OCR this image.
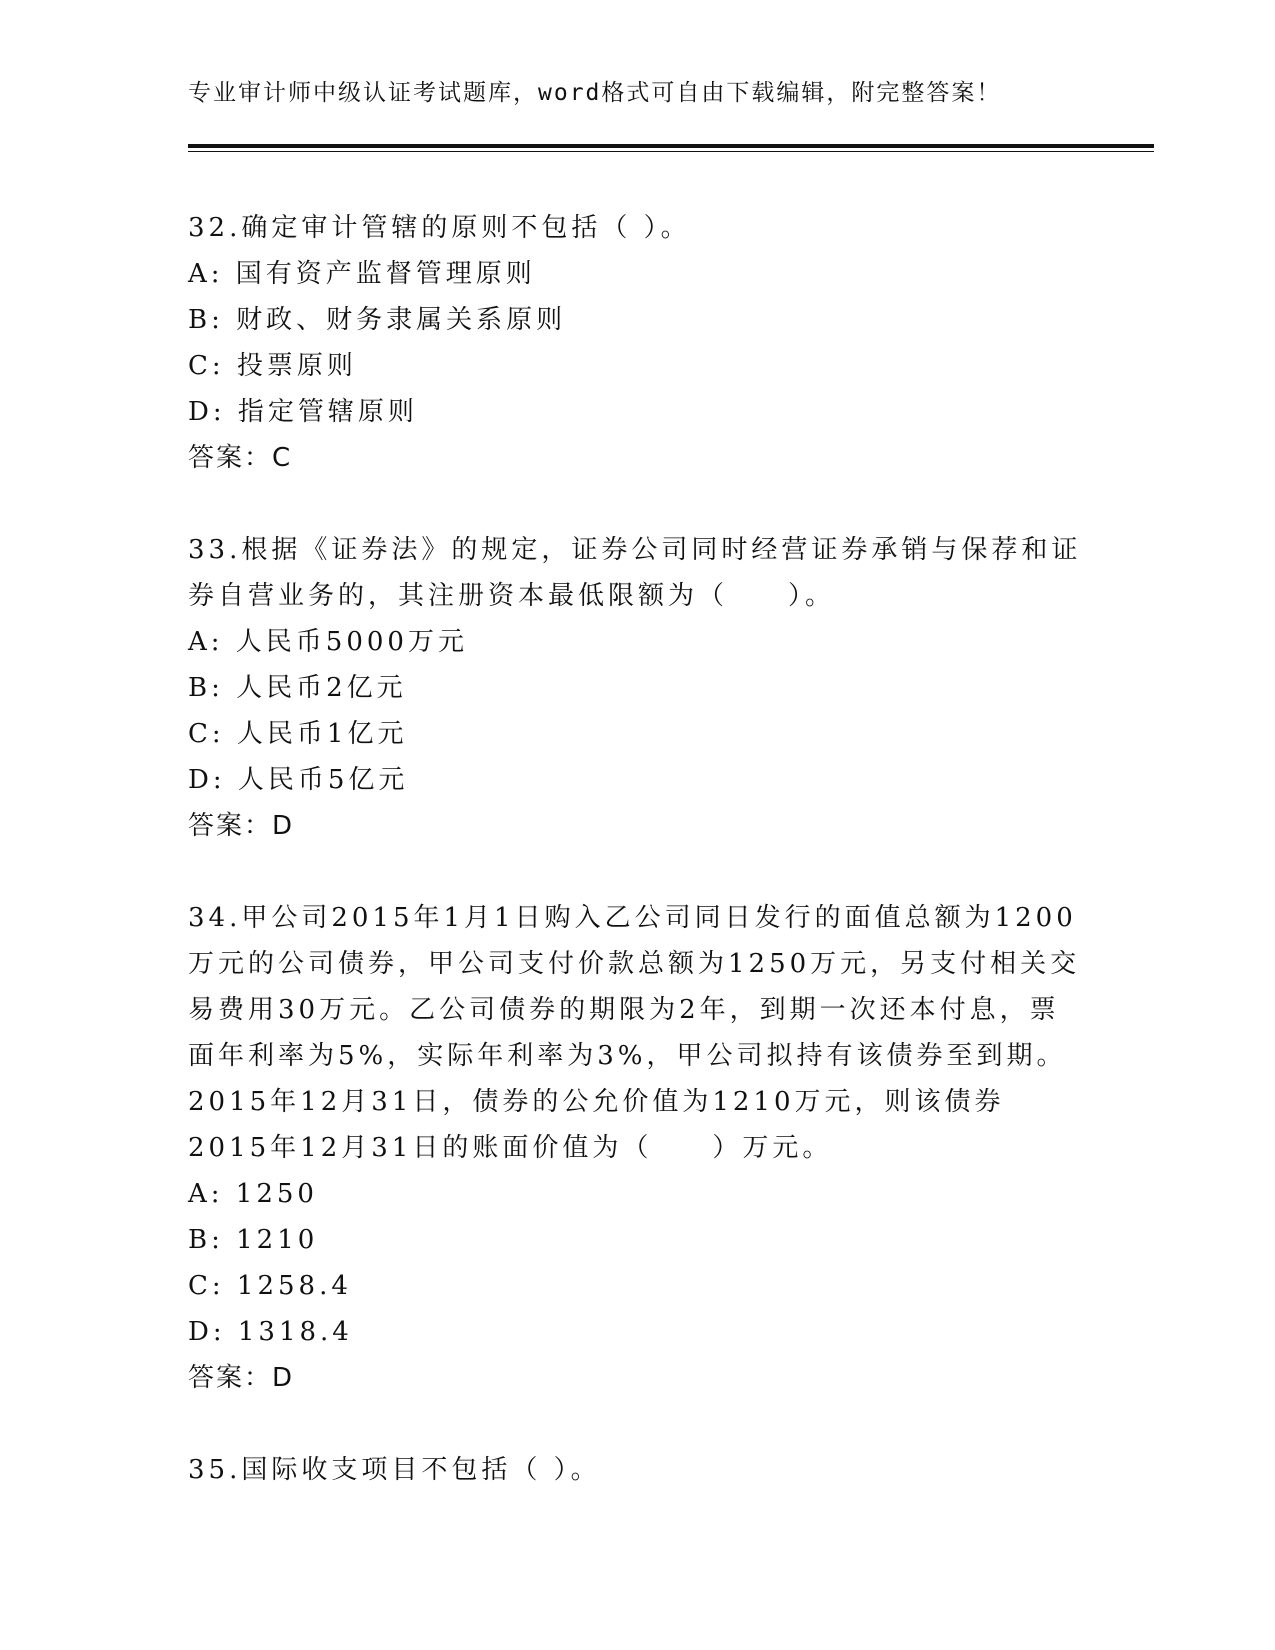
专业审计师中级认证考试题库，word格式可自由下载编辑，附完整答案！

32.确定审计管辖的原则不包括（ ）。

A: 国有资产监督管理原则

B: 财政、财务隶属关系原则

C: 投票原则

D: 指定管辖原则

答案：C

33.根据《证券法》的规定，证券公司同时经营证券承销与保荐和证券自营业务的，其注册资本最低限额为（　　）。

A: 人民币5000万元

B: 人民币2亿元

C: 人民币1亿元

D: 人民币5亿元

答案：D

34.甲公司2015年1月1日购入乙公司同日发行的面值总额为1200万元的公司债券，甲公司支付价款总额为1250万元，另支付相关交易费用30万元。乙公司债券的期限为2年，到期一次还本付息，票面年利率为5%，实际年利率为3%，甲公司拟持有该债券至到期。2015年12月31日，债券的公允价值为1210万元，则该债券2015年12月31日的账面价值为（　　）万元。

A: 1250

B: 1210

C: 1258.4

D: 1318.4

答案：D

35.国际收支项目不包括（ ）。
